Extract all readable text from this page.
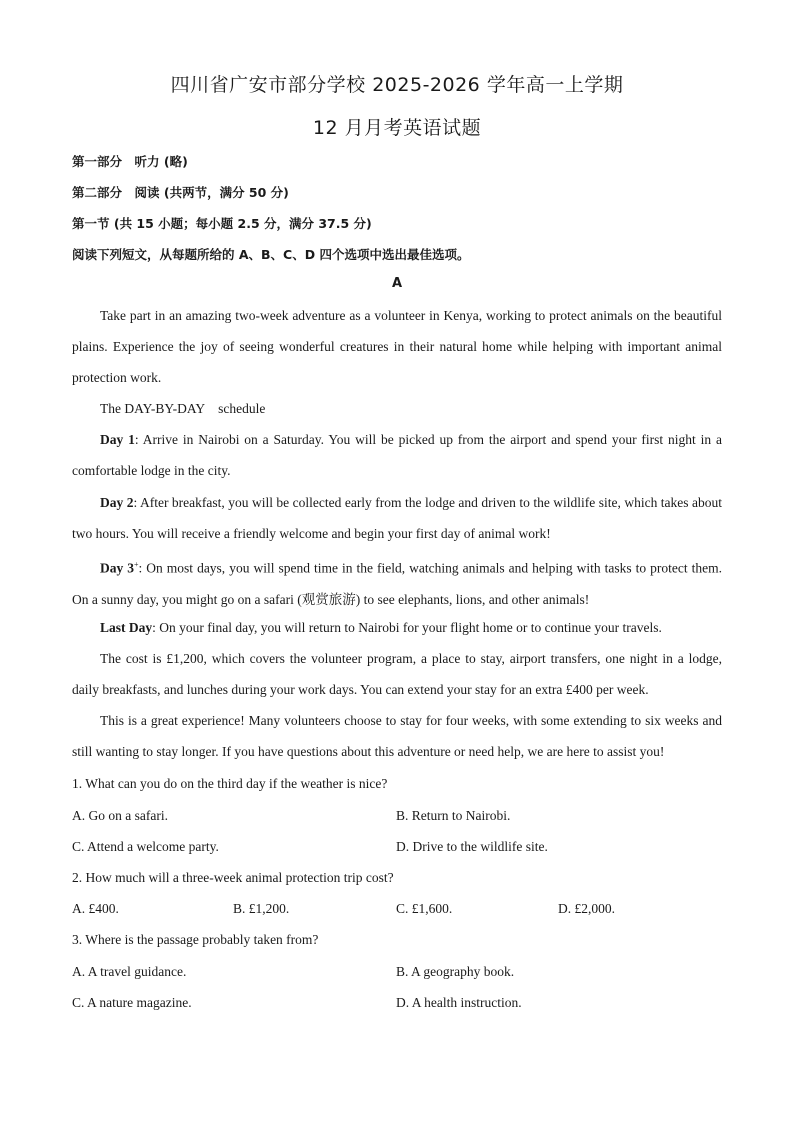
四川省广安市部分学校 2025-2026 学年高一上学期
12 月月考英语试题
第一部分　听力 (略)
第二部分　阅读 (共两节，满分 50 分)
第一节 (共 15 小题；每小题 2.5 分，满分 37.5 分)
阅读下列短文，从每题所给的 A、B、C、D 四个选项中选出最佳选项。
A
Take part in an amazing two-week adventure as a volunteer in Kenya, working to protect animals on the beautiful plains. Experience the joy of seeing wonderful creatures in their natural home while helping with important animal protection work.
The DAY-BY-DAY　schedule
Day 1: Arrive in Nairobi on a Saturday. You will be picked up from the airport and spend your first night in a comfortable lodge in the city.
Day 2: After breakfast, you will be collected early from the lodge and driven to the wildlife site, which takes about two hours. You will receive a friendly welcome and begin your first day of animal work!
Day 3+: On most days, you will spend time in the field, watching animals and helping with tasks to protect them. On a sunny day, you might go on a safari (观赏旅游) to see elephants, lions, and other animals!
Last Day: On your final day, you will return to Nairobi for your flight home or to continue your travels.
The cost is £1,200, which covers the volunteer program, a place to stay, airport transfers, one night in a lodge, daily breakfasts, and lunches during your work days. You can extend your stay for an extra £400 per week.
This is a great experience! Many volunteers choose to stay for four weeks, with some extending to six weeks and still wanting to stay longer. If you have questions about this adventure or need help, we are here to assist you!
1. What can you do on the third day if the weather is nice?
A. Go on a safari.	B. Return to Nairobi.
C. Attend a welcome party.	D. Drive to the wildlife site.
2. How much will a three-week animal protection trip cost?
A. £400.	B. £1,200.	C. £1,600.	D. £2,000.
3. Where is the passage probably taken from?
A. A travel guidance.	B. A geography book.
C. A nature magazine.	D. A health instruction.
